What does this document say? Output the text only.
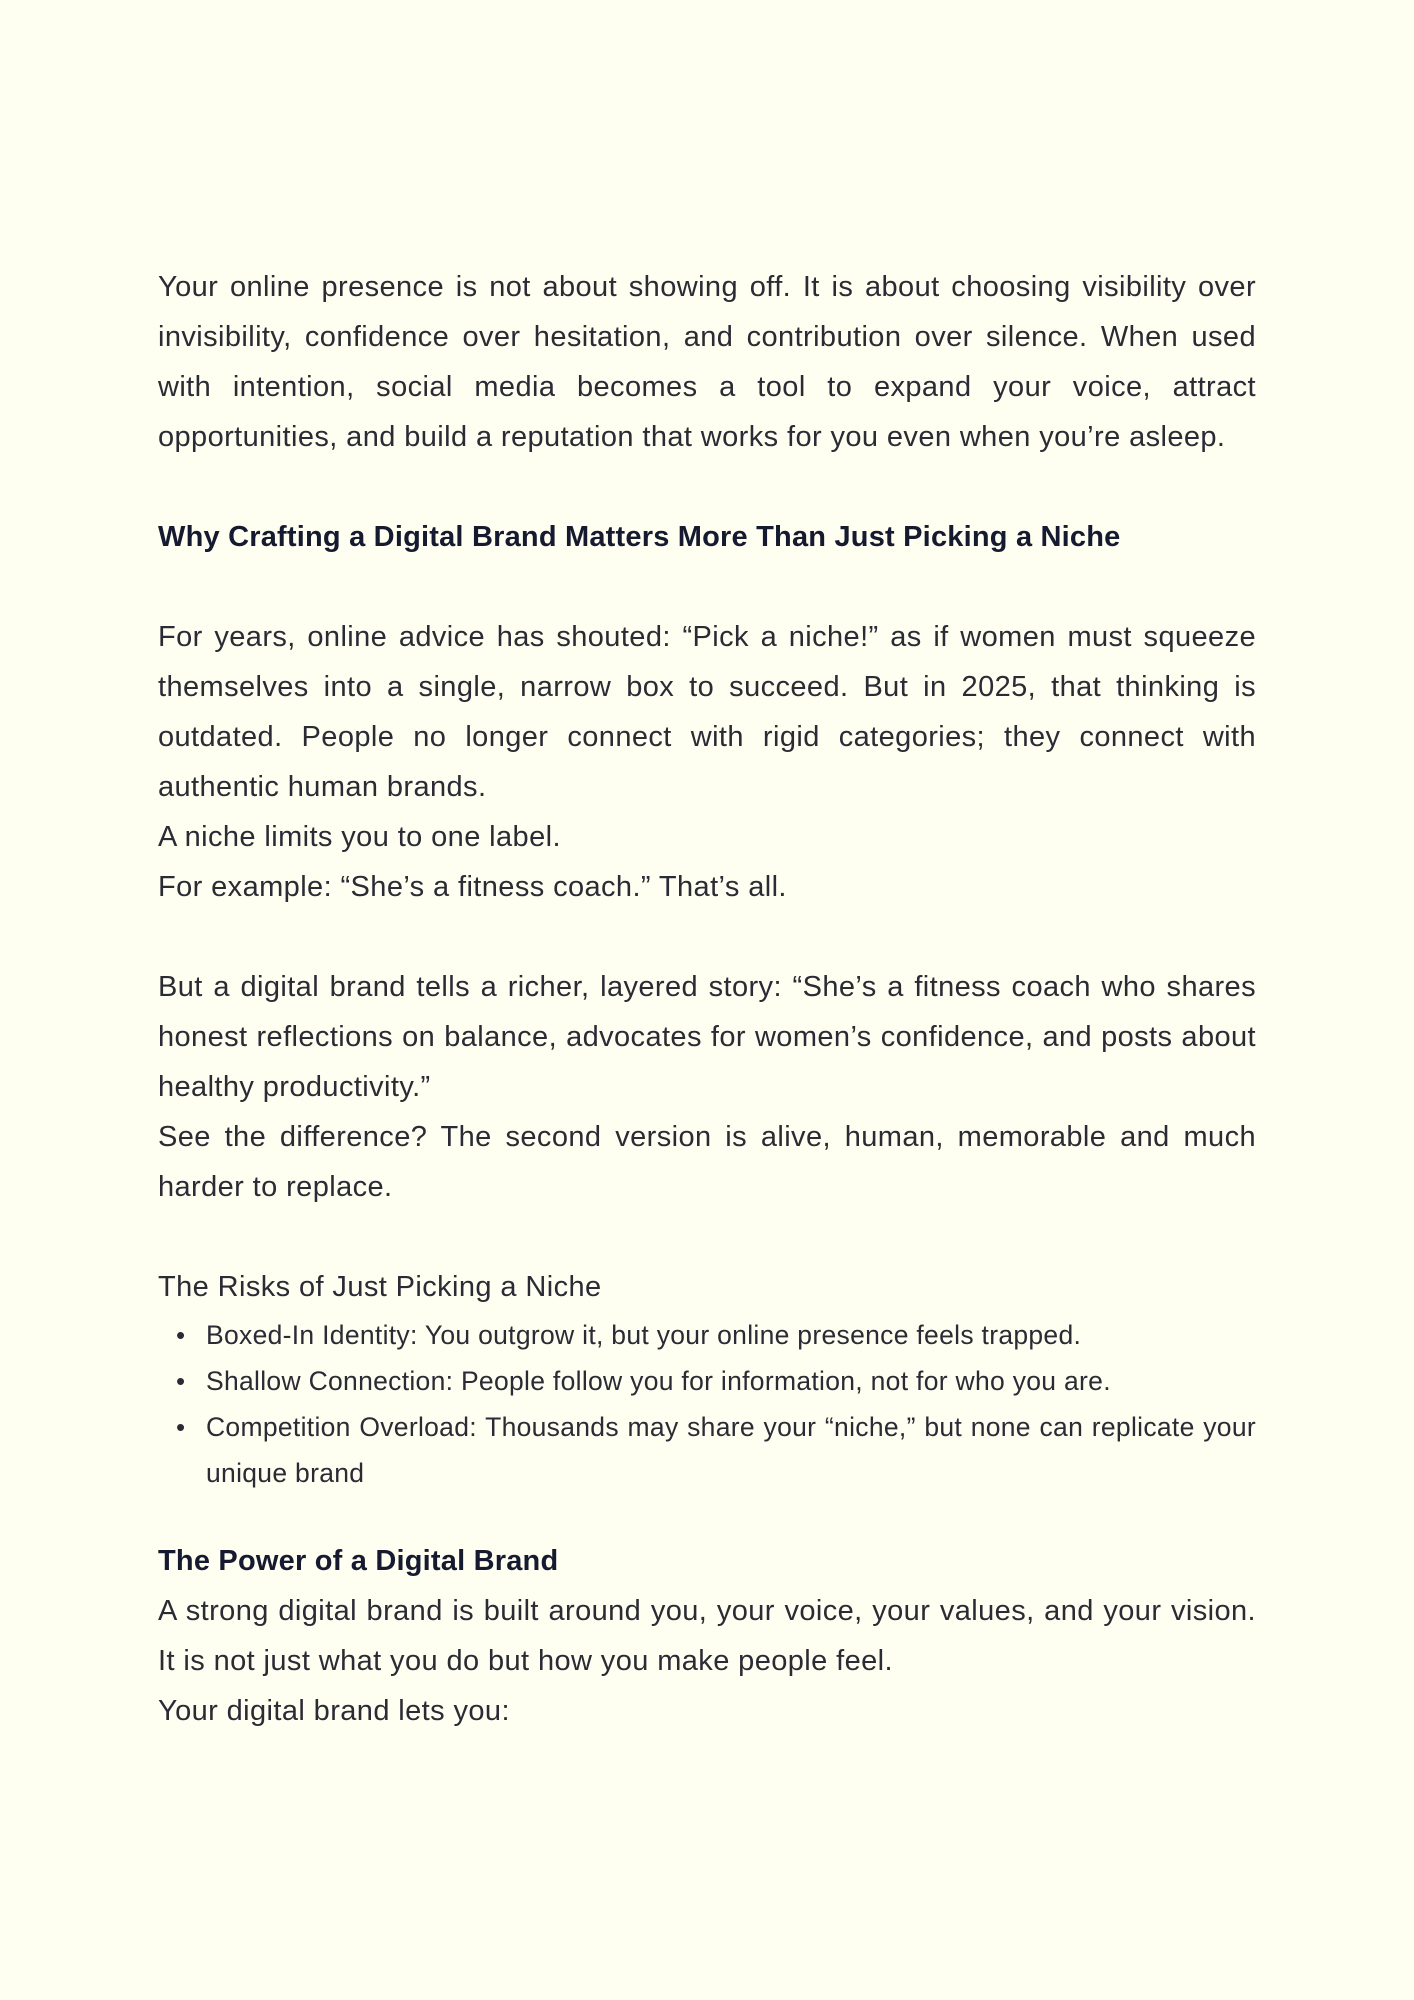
Your online presence is not about showing off. It is about choosing visibility over invisibility, confidence over hesitation, and contribution over silence. When used with intention, social media becomes a tool to expand your voice, attract opportunities, and build a reputation that works for you even when you’re asleep.

Why Crafting a Digital Brand Matters More Than Just Picking a Niche

For years, online advice has shouted: “Pick a niche!” as if women must squeeze themselves into a single, narrow box to succeed. But in 2025, that thinking is outdated. People no longer connect with rigid categories; they connect with authentic human brands.

A niche limits you to one label.

For example: “She’s a fitness coach.” That’s all.

But a digital brand tells a richer, layered story: “She’s a fitness coach who shares honest reflections on balance, advocates for women’s confidence, and posts about healthy productivity.”

See the difference? The second version is alive, human, memorable and much harder to replace.

The Risks of Just Picking a Niche

• Boxed-In Identity: You outgrow it, but your online presence feels trapped.
• Shallow Connection: People follow you for information, not for who you are.
• Competition Overload: Thousands may share your “niche,” but none can replicate your unique brand
The Power of a Digital Brand

A strong digital brand is built around you, your voice, your values, and your vision. It is not just what you do but how you make people feel.

Your digital brand lets you:
